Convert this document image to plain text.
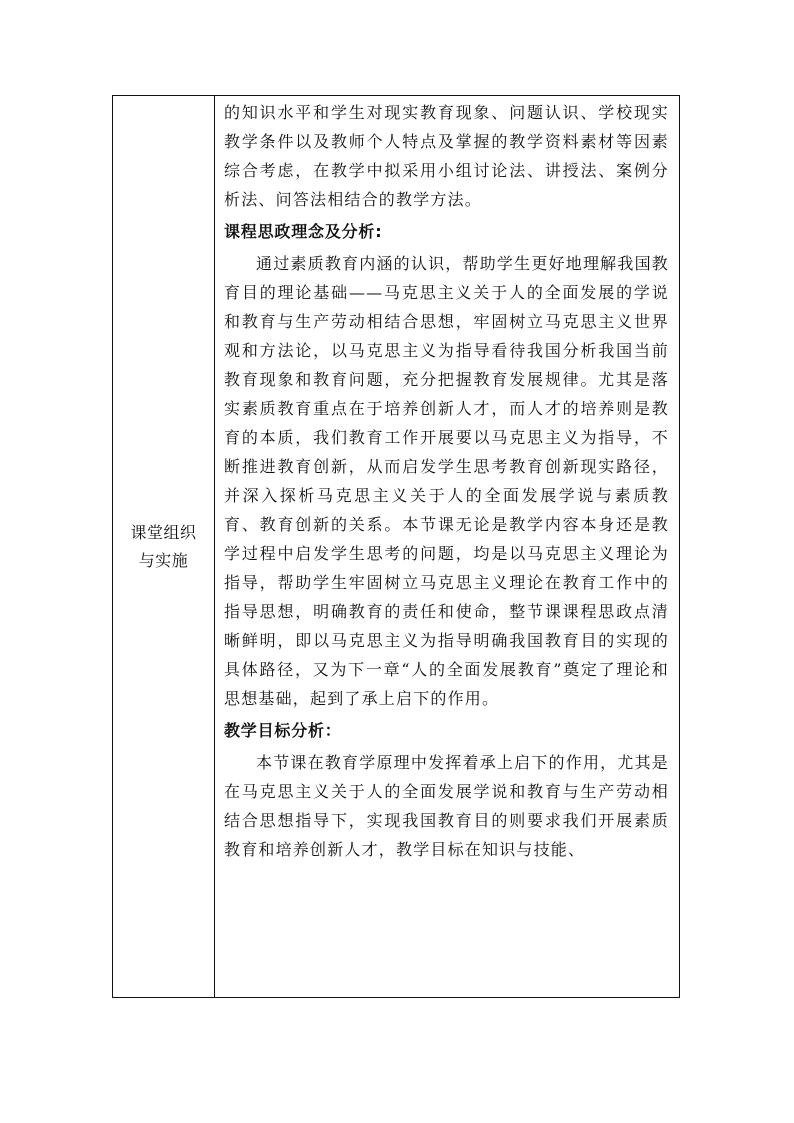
课堂组织
与实施

的知识水平和学生对现实教育现象、问题认识、学校现实教学条件以及教师个人特点及掌握的教学资料素材等因素综合考虑，在教学中拟采用小组讨论法、讲授法、案例分析法、问答法相结合的教学方法。

课程思政理念及分析:

通过素质教育内涵的认识，帮助学生更好地理解我国教育目的理论基础——马克思主义关于人的全面发展的学说和教育与生产劳动相结合思想，牢固树立马克思主义世界观和方法论，以马克思主义为指导看待我国分析我国当前教育现象和教育问题，充分把握教育发展规律。尤其是落实素质教育重点在于培养创新人才，而人才的培养则是教育的本质，我们教育工作开展要以马克思主义为指导，不断推进教育创新，从而启发学生思考教育创新现实路径，并深入探析马克思主义关于人的全面发展学说与素质教育、教育创新的关系。本节课无论是教学内容本身还是教学过程中启发学生思考的问题，均是以马克思主义理论为指导，帮助学生牢固树立马克思主义理论在教育工作中的指导思想，明确教育的责任和使命，整节课课程思政点清晰鲜明，即以马克思主义为指导明确我国教育目的实现的具体路径，又为下一章“人的全面发展教育”奠定了理论和思想基础，起到了承上启下的作用。

教学目标分析：

本节课在教育学原理中发挥着承上启下的作用，尤其是在马克思主义关于人的全面发展学说和教育与生产劳动相结合思想指导下，实现我国教育目的则要求我们开展素质教育和培养创新人才，教学目标在知识与技能、
